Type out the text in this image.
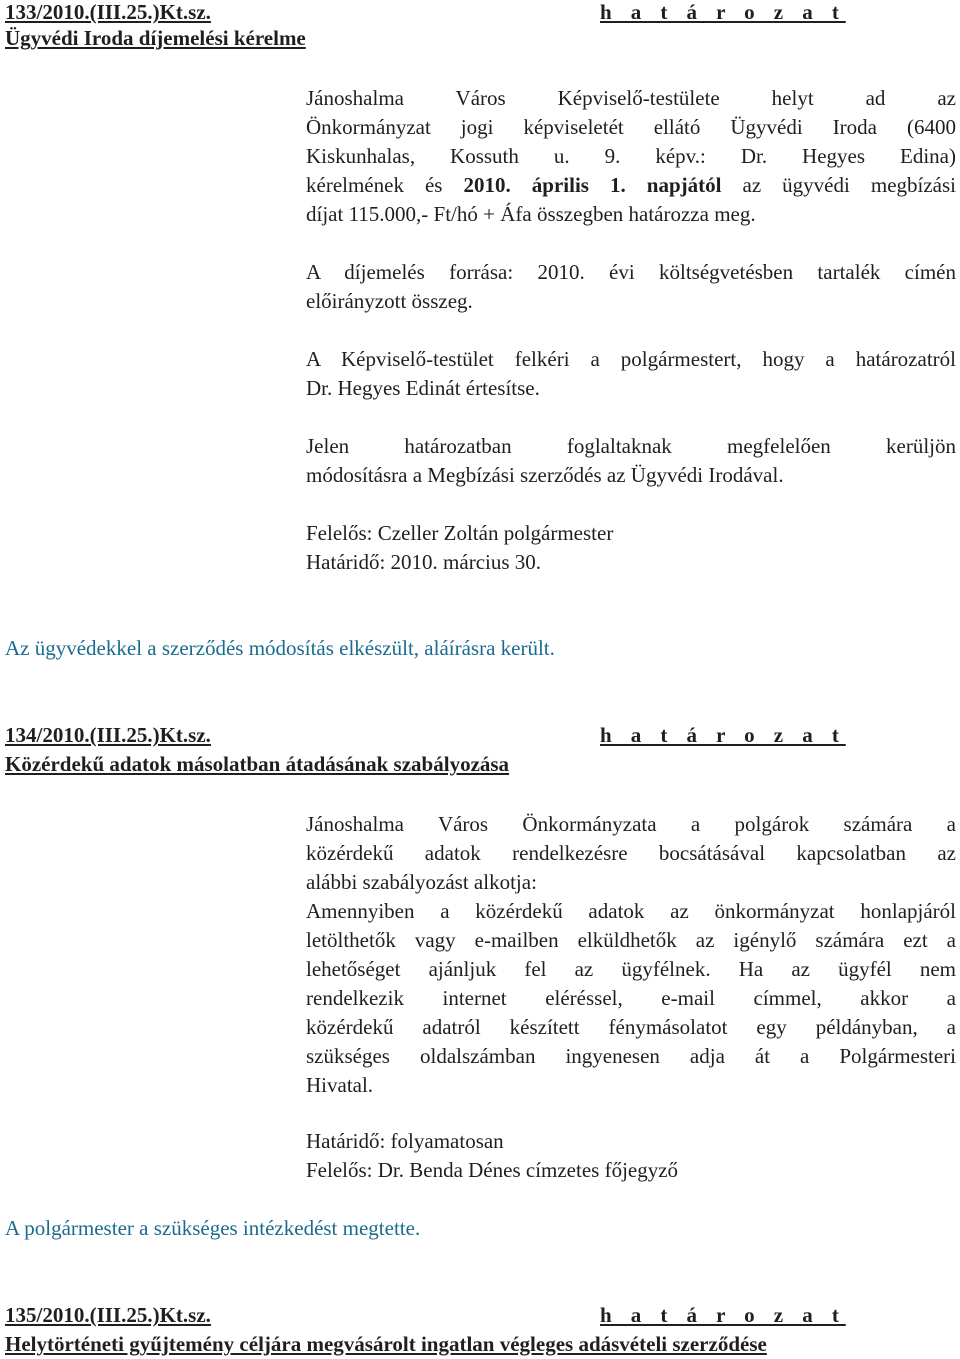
133/2010.(III.25.)Kt.sz.	h a t á r o z a t
Ügyvédi Iroda díjemelési kérelme

Jánoshalma Város Képviselő-testülete helyt ad az

Önkormányzat jogi képviseletét ellátó Ügyvédi Iroda (6400

Kiskunhalas, Kossuth u. 9. képv.: Dr. Hegyes Edina)

kérelmének és 2010. április 1. napjától az ügyvédi megbízási

díjat 115.000,- Ft/hó + Áfa összegben határozza meg.

A díjemelés forrása: 2010. évi költségvetésben tartalék címén

előirányzott összeg.

A Képviselő-testület felkéri a polgármestert, hogy a határozatról

Dr. Hegyes Edinát értesítse.

Jelen határozatban foglaltaknak megfelelően kerüljön

módosításra a Megbízási szerződés az Ügyvédi Irodával.

Felelős: Czeller Zoltán polgármester

Határidő: 2010. március 30.

Az ügyvédekkel a szerződés módosítás elkészült, aláírásra került.
134/2010.(III.25.)Kt.sz.	h a t á r o z a t
Közérdekű adatok másolatban átadásának szabályozása

Jánoshalma Város Önkormányzata a polgárok számára a

közérdekű adatok rendelkezésre bocsátásával kapcsolatban az

alábbi szabályozást alkotja:

Amennyiben a közérdekű adatok az önkormányzat honlapjáról

letölthetők vagy e-mailben elküldhetők az igénylő számára ezt a

lehetőséget ajánljuk fel az ügyfélnek. Ha az ügyfél nem

rendelkezik internet eléréssel, e-mail címmel, akkor a

közérdekű adatról készített fénymásolatot egy példányban, a

szükséges oldalszámban ingyenesen adja át a Polgármesteri

Hivatal.

Határidő: folyamatosan

Felelős: Dr. Benda Dénes címzetes főjegyző

A polgármester a szükséges intézkedést megtette.
135/2010.(III.25.)Kt.sz.	h a t á r o z a t
Helytörténeti gyűjtemény céljára megvásárolt ingatlan végleges adásvételi szerződése
